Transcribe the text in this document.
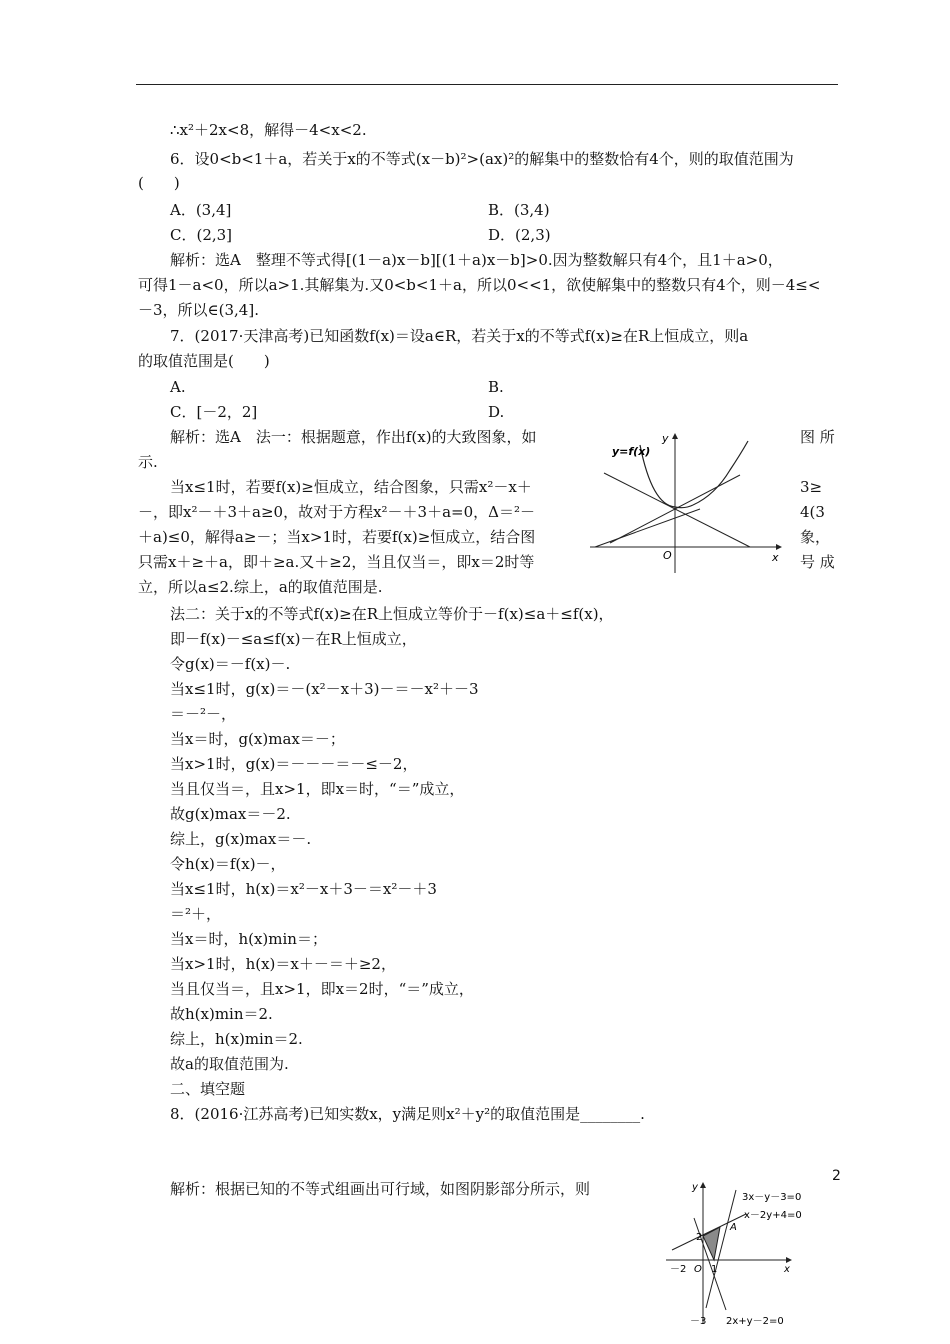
∴x²＋2x<8，解得－4<x<2.
6．设0<b<1＋a，若关于x的不等式(x－b)²>(ax)²的解集中的整数恰有4个，则的取值范围为
(　　)
A．(3,4]	B．(3,4)
C．(2,3]	D．(2,3)
解析：选A　整理不等式得[(1－a)x－b][(1＋a)x－b]>0.因为整数解只有4个，且1＋a>0，
可得1－a<0，所以a>1.其解集为.又0<b<1＋a，所以0<<1，欲使解集中的整数只有4个，则－4≤<
－3，所以∈(3,4].
7．(2017·天津高考)已知函数f(x)＝设a∈R，若关于x的不等式f(x)≥在R上恒成立，则a
的取值范围是(　　)
A.	B.
C．[－2，2]	D.
解析：选A　法一：根据题意，作出f(x)的大致图象，如	图 所
示.
当x≤1时，若要f(x)≥恒成立，结合图象，只需x²－x＋	3≥
－，即x²－＋3＋a≥0，故对于方程x²－＋3＋a=0，Δ＝²－	4(3
＋a)≤0，解得a≥－；当x>1时，若要f(x)≥恒成立，结合图	象，
只需x＋≥＋a，即＋≥a.又＋≥2，当且仅当＝，即x＝2时等	号 成
立，所以a≤2.综上，a的取值范围是.
y=f(x)
y
x
O
法二：关于x的不等式f(x)≥在R上恒成立等价于－f(x)≤a＋≤f(x)，
即－f(x)－≤a≤f(x)－在R上恒成立，
令g(x)＝－f(x)－.
当x≤1时，g(x)＝－(x²－x＋3)－＝－x²＋－3
＝－²－，
当x＝时，g(x)max＝－；
当x>1时，g(x)＝－－－＝－≤－2，
当且仅当＝，且x>1，即x＝时，“＝”成立，
故g(x)max＝－2.
综上，g(x)max＝－.
令h(x)＝f(x)－，
当x≤1时，h(x)＝x²－x＋3－＝x²－＋3
＝²＋，
当x＝时，h(x)min＝；
当x>1时，h(x)＝x＋－＝＋≥2，
当且仅当＝，且x>1，即x＝2时，“＝”成立，
故h(x)min＝2.
综上，h(x)min＝2.
故a的取值范围为.
二、填空题
8．(2016·江苏高考)已知实数x，y满足则x²＋y²的取值范围是________.
解析：根据已知的不等式组画出可行域，如图阴影部分所示，则	y
x
O
－2 1
2
－3
A
3x－y－3=0
x－2y+4=0
2x+y－2=0
2
